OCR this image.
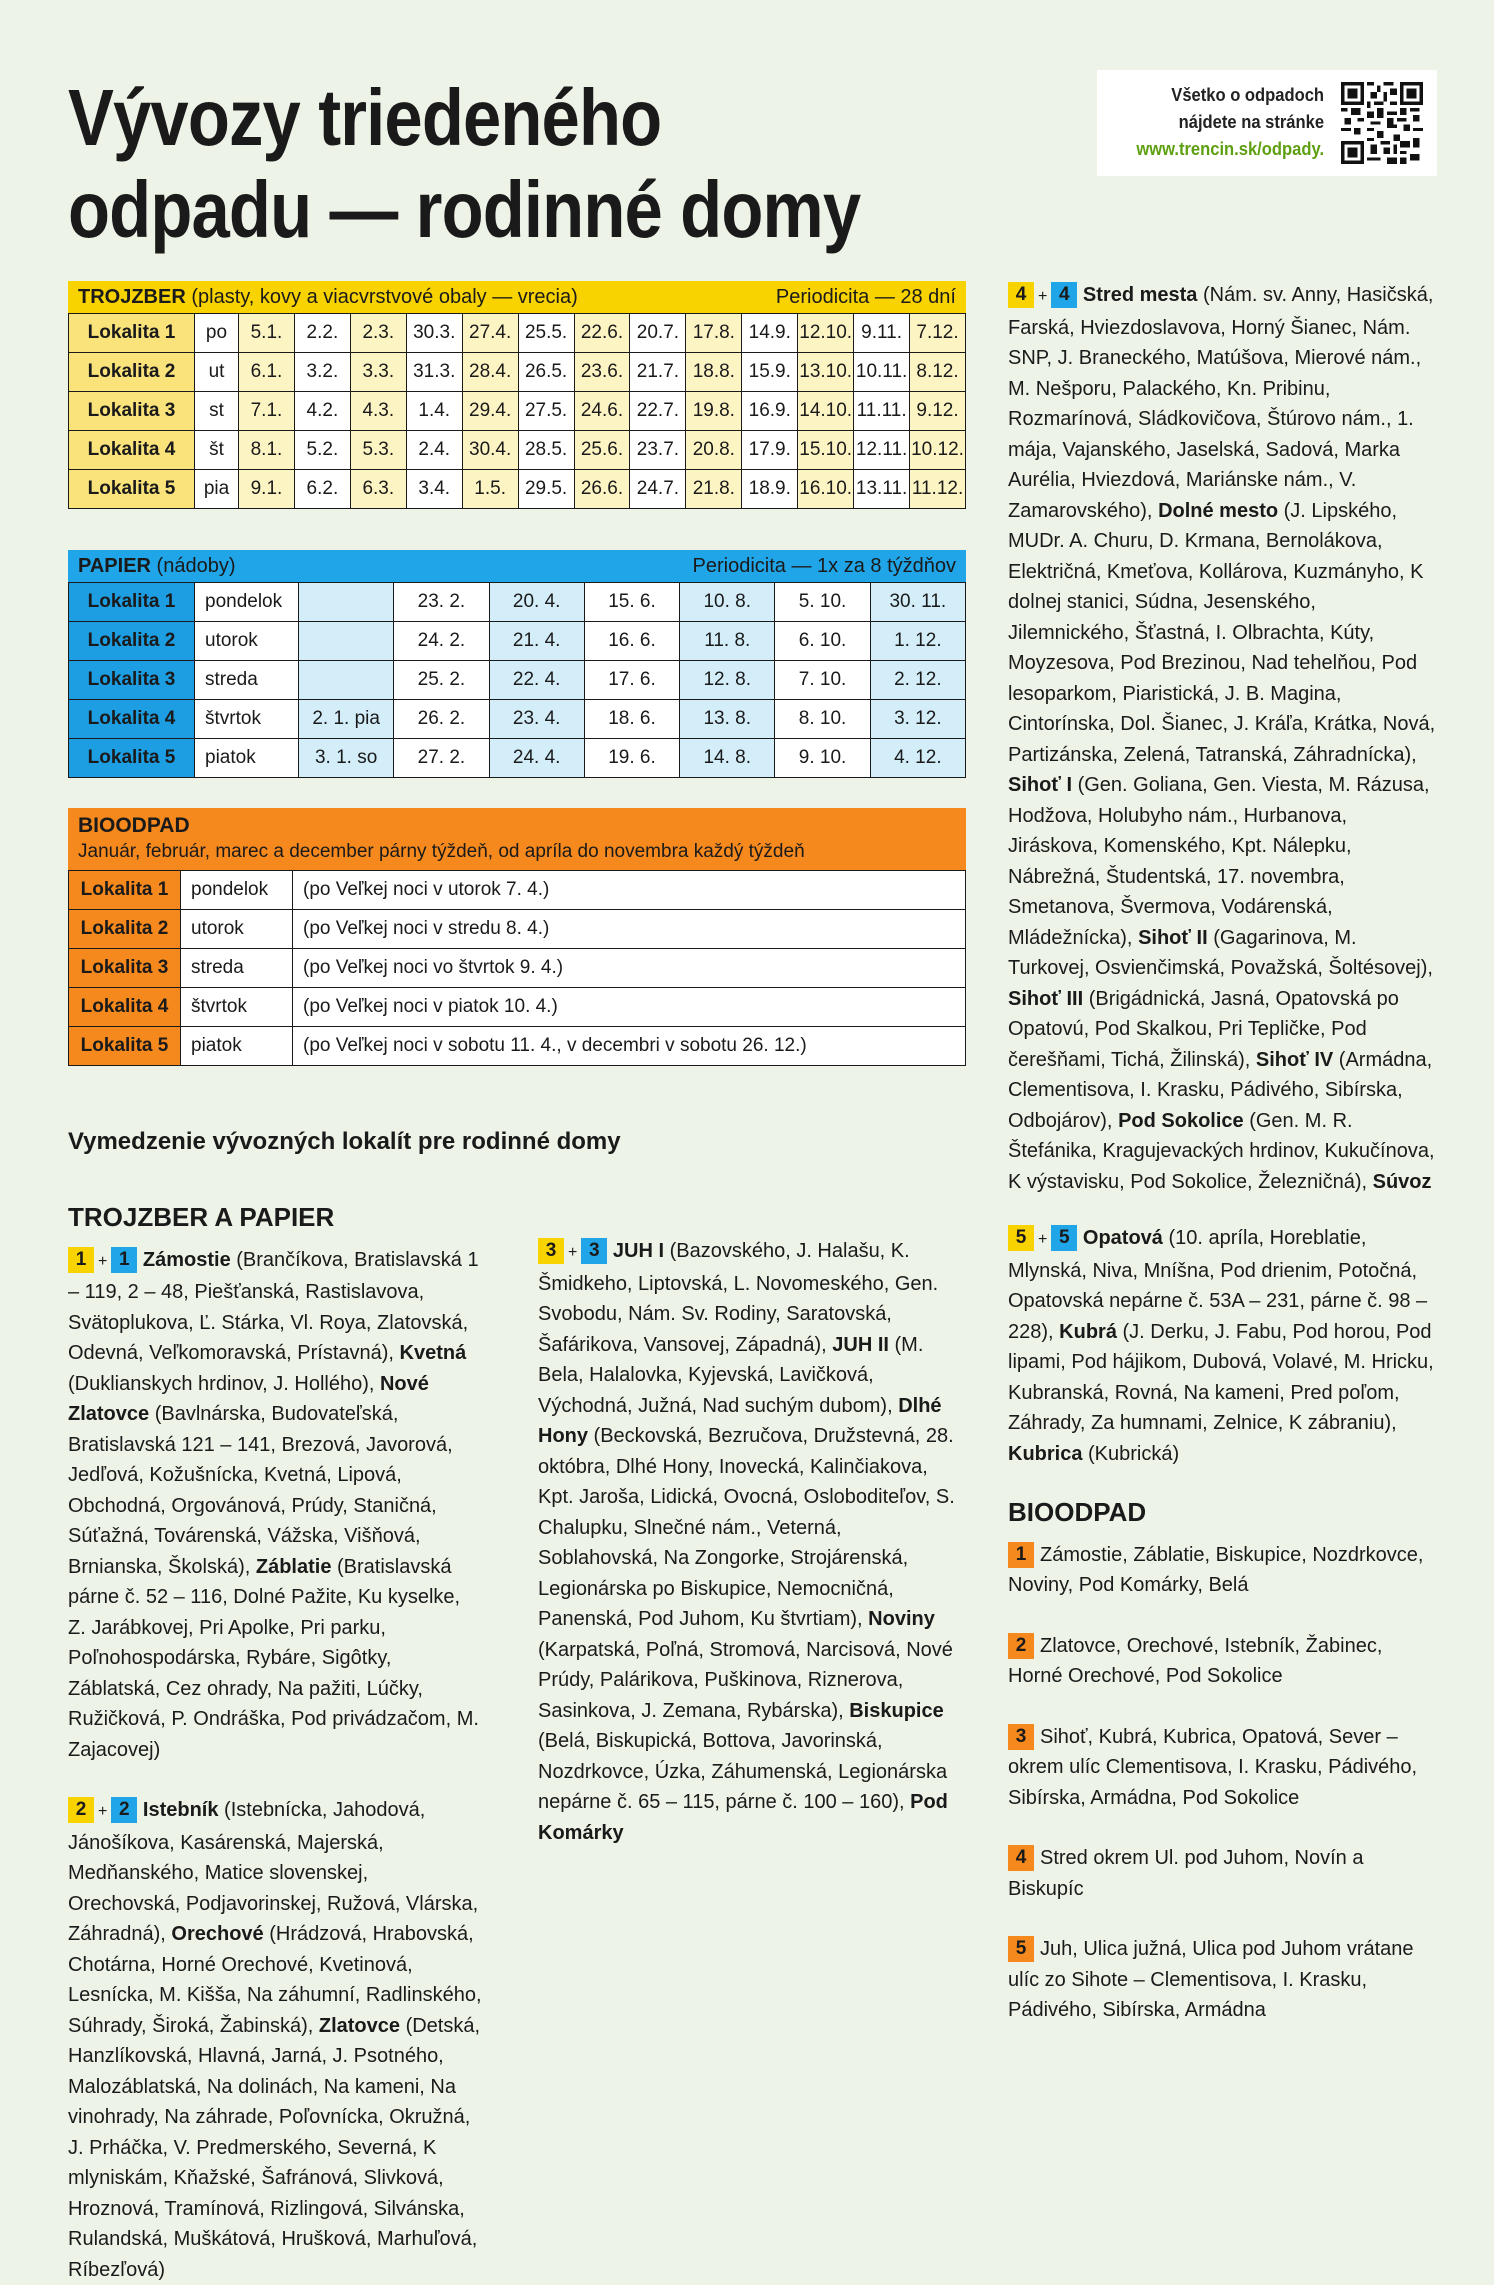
Vývozy triedeného
odpadu — rodinné domy
Všetko o odpadoch
nájdete na stránke
www.trencin.sk/odpady.
TROJZBER (plasty, kovy a viacvrstvové obaly — vrecia)	Periodicita — 28 dní
Lokalita 1	po	5.1.	2.2.	2.3.	30.3.	27.4.	25.5.	22.6.	20.7.	17.8.	14.9.	12.10.	9.11.	7.12.
Lokalita 2	ut	6.1.	3.2.	3.3.	31.3.	28.4.	26.5.	23.6.	21.7.	18.8.	15.9.	13.10.	10.11.	8.12.
Lokalita 3	st	7.1.	4.2.	4.3.	1.4.	29.4.	27.5.	24.6.	22.7.	19.8.	16.9.	14.10.	11.11.	9.12.
Lokalita 4	št	8.1.	5.2.	5.3.	2.4.	30.4.	28.5.	25.6.	23.7.	20.8.	17.9.	15.10.	12.11.	10.12.
Lokalita 5	pia	9.1.	6.2.	6.3.	3.4.	1.5.	29.5.	26.6.	24.7.	21.8.	18.9.	16.10.	13.11.	11.12.
PAPIER (nádoby)	Periodicita — 1x za 8 týždňov
Lokalita 1	pondelok		23. 2.	20. 4.	15. 6.	10. 8.	5. 10.	30. 11.
Lokalita 2	utorok		24. 2.	21. 4.	16. 6.	11. 8.	6. 10.	1. 12.
Lokalita 3	streda		25. 2.	22. 4.	17. 6.	12. 8.	7. 10.	2. 12.
Lokalita 4	štvrtok	2. 1. pia	26. 2.	23. 4.	18. 6.	13. 8.	8. 10.	3. 12.
Lokalita 5	piatok	3. 1. so	27. 2.	24. 4.	19. 6.	14. 8.	9. 10.	4. 12.
BIOODPAD
Január, február, marec a december párny týždeň, od apríla do novembra každý týždeň
Lokalita 1	pondelok	(po Veľkej noci v utorok 7. 4.)
Lokalita 2	utorok	(po Veľkej noci v stredu 8. 4.)
Lokalita 3	streda	(po Veľkej noci vo štvrtok 9. 4.)
Lokalita 4	štvrtok	(po Veľkej noci v piatok 10. 4.)
Lokalita 5	piatok	(po Veľkej noci v sobotu 11. 4., v decembri v sobotu 26. 12.)
Vymedzenie vývozných lokalít pre rodinné domy
TROJZBER A PAPIER

1 + 1 Zámostie (Brančíkova, Bratislavská 1 – 119, 2 – 48, Piešťanská, Rastislavova, Svätoplukova, Ľ. Stárka, Vl. Roya, Zlatovská, Odevná, Veľkomoravská, Prístavná), Kvetná (Duklianskych hrdinov, J. Hollého), Nové Zlatovce (Bavlnárska, Budovateľská, Bratislavská 121 – 141, Brezová, Javorová, Jedľová, Kožušnícka, Kvetná, Lipová, Obchodná, Orgovánová, Prúdy, Staničná, Súťažná, Továrenská, Vážska, Višňová, Brnianska, Školská), Záblatie (Bratislavská párne č. 52 – 116, Dolné Pažite, Ku kyselke, Z. Jarábkovej, Pri Apolke, Pri parku, Poľnohospodárska, Rybáre, Sigôtky, Záblatská, Cez ohrady, Na pažiti, Lúčky, Ružičková, P. Ondráška, Pod privádzačom, M. Zajacovej)

2 + 2 Istebník (Istebnícka, Jahodová, Jánošíkova, Kasárenská, Majerská, Medňanského, Matice slovenskej, Orechovská, Podjavorinskej, Ružová, Vlárska, Záhradná), Orechové (Hrádzová, Hrabovská, Chotárna, Horné Orechové, Kvetinová, Lesnícka, M. Kišša, Na záhumní, Radlinského, Súhrady, Široká, Žabinská), Zlatovce (Detská, Hanzlíkovská, Hlavná, Jarná, J. Psotného, Malozáblatská, Na dolinách, Na kameni, Na vinohrady, Na záhrade, Poľovnícka, Okružná, J. Prháčka, V. Predmerského, Severná, K mlyniskám, Kňažské, Šafránová, Slivková, Hroznová, Tramínová, Rizlingová, Silvánska, Rulandská, Muškátová, Hrušková, Marhuľová, Ríbezľová)

3 + 3 JUH I (Bazovského, J. Halašu, K. Šmidkeho, Liptovská, L. Novomeského, Gen. Svobodu, Nám. Sv. Rodiny, Saratovská, Šafárikova, Vansovej, Západná), JUH II (M. Bela, Halalovka, Kyjevská, Lavičková, Východná, Južná, Nad suchým dubom), Dlhé Hony (Beckovská, Bezručova, Družstevná, 28. októbra, Dlhé Hony, Inovecká, Kalinčiakova, Kpt. Jaroša, Lidická, Ovocná, Osloboditeľov, S. Chalupku, Slnečné nám., Veterná, Soblahovská, Na Zongorke, Strojárenská, Legionárska po Biskupice, Nemocničná, Panenská, Pod Juhom, Ku štvrtiam), Noviny (Karpatská, Poľná, Stromová, Narcisová, Nové Prúdy, Palárikova, Puškinova, Riznerova, Sasinkova, J. Zemana, Rybárska), Biskupice (Belá, Biskupická, Bottova, Javorinská, Nozdrkovce, Úzka, Záhumenská, Legionárska nepárne č. 65 – 115, párne č. 100 – 160), Pod Komárky

4 + 4 Stred mesta (Nám. sv. Anny, Hasičská, Farská, Hviezdoslavova, Horný Šianec, Nám. SNP, J. Braneckého, Matúšova, Mierové nám., M. Nešporu, Palackého, Kn. Pribinu, Rozmarínová, Sládkovičova, Štúrovo nám., 1. mája, Vajanského, Jaselská, Sadová, Marka Aurélia, Hviezdová, Mariánske nám., V. Zamarovského), Dolné mesto (J. Lipského, MUDr. A. Churu, D. Krmana, Bernolákova, Električná, Kmeťova, Kollárova, Kuzmányho, K dolnej stanici, Súdna, Jesenského, Jilemnického, Šťastná, I. Olbrachta, Kúty, Moyzesova, Pod Brezinou, Nad tehelňou, Pod lesoparkom, Piaristická, J. B. Magina, Cintorínska, Dol. Šianec, J. Kráľa, Krátka, Nová, Partizánska, Zelená, Tatranská, Záhradnícka), Sihoť I (Gen. Goliana, Gen. Viesta, M. Rázusa, Hodžova, Holubyho nám., Hurbanova, Jiráskova, Komenského, Kpt. Nálepku, Nábrežná, Študentská, 17. novembra, Smetanova, Švermova, Vodárenská, Mládežnícka), Sihoť II (Gagarinova, M. Turkovej, Osvienčimská, Považská, Šoltésovej), Sihoť III (Brigádnická, Jasná, Opatovská po Opatovú, Pod Skalkou, Pri Tepličke, Pod čerešňami, Tichá, Žilinská), Sihoť IV (Armádna, Clementisova, I. Krasku, Pádivého, Sibírska, Odbojárov), Pod Sokolice (Gen. M. R. Štefánika, Kragujevackých hrdinov, Kukučínova, K výstavisku, Pod Sokolice, Železničná), Súvoz

5 + 5 Opatová (10. apríla, Horeblatie, Mlynská, Niva, Mníšna, Pod drienim, Potočná, Opatovská nepárne č. 53A – 231, párne č. 98 – 228), Kubrá (J. Derku, J. Fabu, Pod horou, Pod lipami, Pod hájikom, Dubová, Volavé, M. Hricku, Kubranská, Rovná, Na kameni, Pred poľom, Záhrady, Za humnami, Zelnice, K zábraniu), Kubrica (Kubrická)

BIOODPAD

1 Zámostie, Záblatie, Biskupice, Nozdrkovce, Noviny, Pod Komárky, Belá

2 Zlatovce, Orechové, Istebník, Žabinec, Horné Orechové, Pod Sokolice

3 Sihoť, Kubrá, Kubrica, Opatová, Sever – okrem ulíc Clementisova, I. Krasku, Pádivého, Sibírska, Armádna, Pod Sokolice

4 Stred okrem Ul. pod Juhom, Novín a Biskupíc

5 Juh, Ulica južná, Ulica pod Juhom vrátane ulíc zo Sihote – Clementisova, I. Krasku, Pádivého, Sibírska, Armádna
